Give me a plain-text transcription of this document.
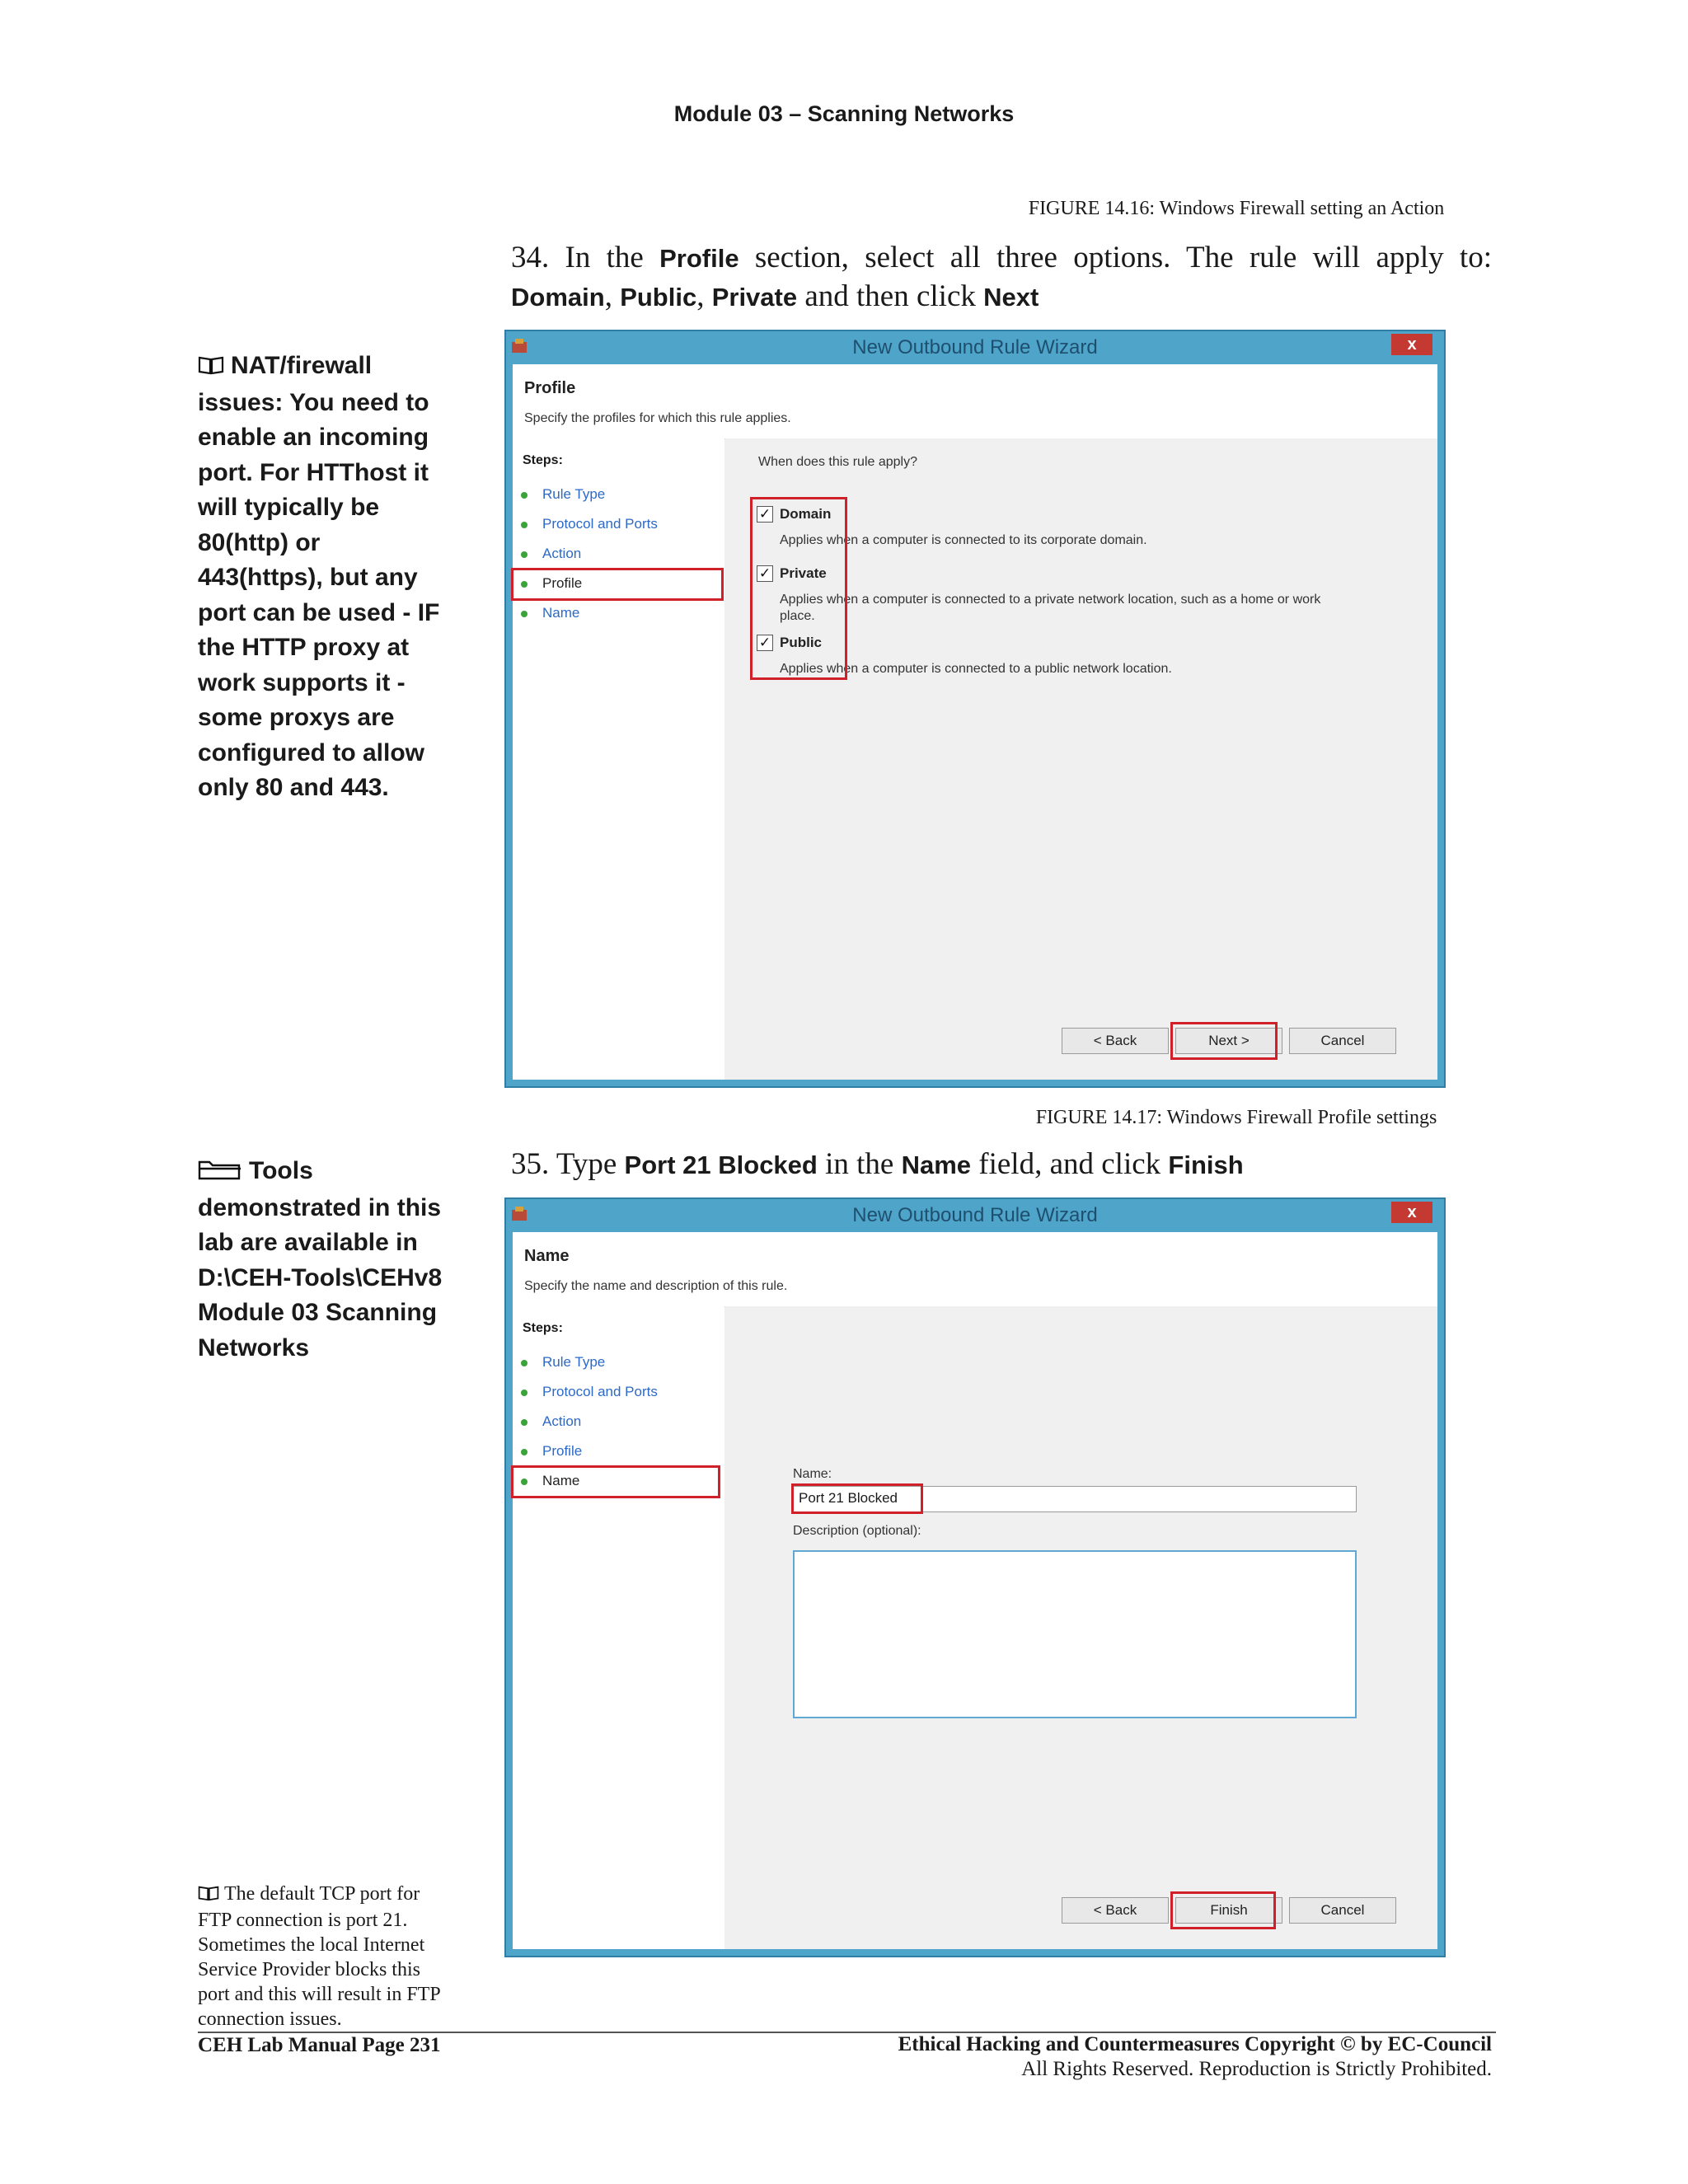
Module 03 – Scanning Networks
FIGURE 14.16: Windows Firewall setting an Action
34. In the Profile section, select all three options. The rule will apply to: Domain, Public, Private and then click Next
NAT/firewall issues: You need to enable an incoming port. For HTThost it will typically be 80(http) or 443(https), but any port can be used - IF the HTTP proxy at work supports it - some proxys are configured to allow only 80 and 443.
New Outbound Rule Wizard	x
Profile
Specify the profiles for which this rule applies.
Steps:
Rule Type
Protocol and Ports
Action
Profile
Name
When does this rule apply?
✓ Domain
Applies when a computer is connected to its corporate domain.
✓ Private
Applies when a computer is connected to a private network location, such as a home or work place.
✓ Public
Applies when a computer is connected to a public network location.
< Back	Next >	Cancel
FIGURE 14.17: Windows Firewall Profile settings
35. Type Port 21 Blocked in the Name field, and click Finish
Tools demonstrated in this lab are available in D:\CEH-Tools\CEHv8 Module 03 Scanning Networks
New Outbound Rule Wizard	x
Name
Specify the name and description of this rule.
Steps:
Rule Type
Protocol and Ports
Action
Profile
Name	Name:
Port 21 Blocked
Description (optional):
< Back	Finish	Cancel
The default TCP port for FTP connection is port 21. Sometimes the local Internet Service Provider blocks this port and this will result in FTP connection issues.
CEH Lab Manual Page 231	Ethical Hacking and Countermeasures Copyright © by EC-Council
All Rights Reserved. Reproduction is Strictly Prohibited.
